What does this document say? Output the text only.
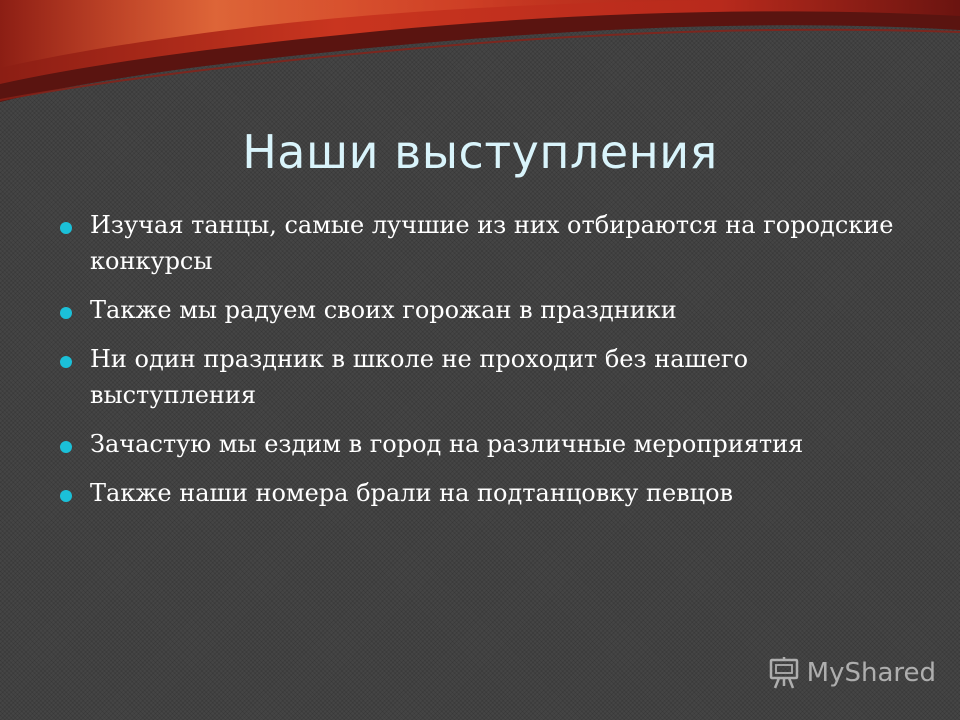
Наши выступления
Изучая танцы, самые лучшие из них отбираются на городские конкурсы
Также мы радуем своих горожан в праздники
Ни один праздник в школе не проходит без нашего выступления
Зачастую мы ездим в город на различные мероприятия
Также наши номера брали на подтанцовку певцов
MyShared
